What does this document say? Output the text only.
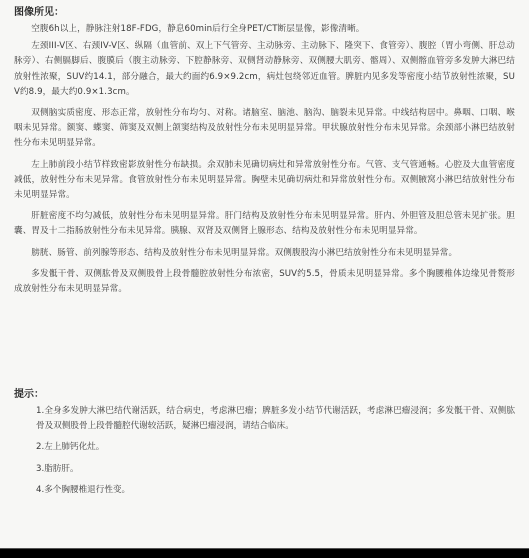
图像所见：

空腹6h以上，静脉注射18F-FDG，静息60min后行全身PET/CT断层显像，影像清晰。

左颈III-V区、右颈IV-V区、纵隔（血管前、双上下气管旁、主动脉旁、主动脉下、隆突下、食管旁）、腹腔（胃小弯侧、肝总动脉旁）、右侧膈脚后、腹膜后（腹主动脉旁、下腔静脉旁、双侧肾动静脉旁、双侧腰大肌旁、髂周）、双侧髂血管旁多发肿大淋巴结放射性浓聚，SUV约14.1，部分融合，最大约面约6.9×9.2cm，病灶包绕邻近血管。脾脏内见多发等密度小结节放射性浓聚，SUV约8.9，最大约0.9×1.3cm。

双侧脑实质密度、形态正常，放射性分布均匀、对称。诸脑室、脑池、脑沟、脑裂未见异常。中线结构居中。鼻咽、口咽、喉咽未见异常。额窦、蝶窦、筛窦及双侧上颌窦结构及放射性分布未见明显异常。甲状腺放射性分布未见异常。余颈部小淋巴结放射性分布未见明显异常。

左上肺前段小结节样致密影放射性分布缺损。余双肺未见确切病灶和异常放射性分布。气管、支气管通畅。心腔及大血管密度减低，放射性分布未见异常。食管放射性分布未见明显异常。胸壁未见确切病灶和异常放射性分布。双侧腋窝小淋巴结放射性分布未见明显异常。

肝脏密度不均匀减低，放射性分布未见明显异常。肝门结构及放射性分布未见明显异常。肝内、外胆管及胆总管未见扩张。胆囊、胃及十二指肠放射性分布未见异常。胰腺、双肾及双侧肾上腺形态、结构及放射性分布未见明显异常。

膀胱、肠管、前列腺等形态、结构及放射性分布未见明显异常。双侧腹股沟小淋巴结放射性分布未见明显异常。

多发骶干骨、双侧肱骨及双侧股骨上段骨髓腔放射性分布浓密，SUV约5.5，骨质未见明显异常。多个胸腰椎体边缘见骨赘形成放射性分布未见明显异常。

提示：

1.全身多发肿大淋巴结代谢活跃，结合病史，考虑淋巴瘤；脾脏多发小结节代谢活跃，考虑淋巴瘤浸润；多发骶干骨、双侧肱骨及双侧股骨上段骨髓腔代谢较活跃，疑淋巴瘤浸润，请结合临床。

2.左上肺钙化灶。

3.脂肪肝。

4.多个胸腰椎退行性变。
